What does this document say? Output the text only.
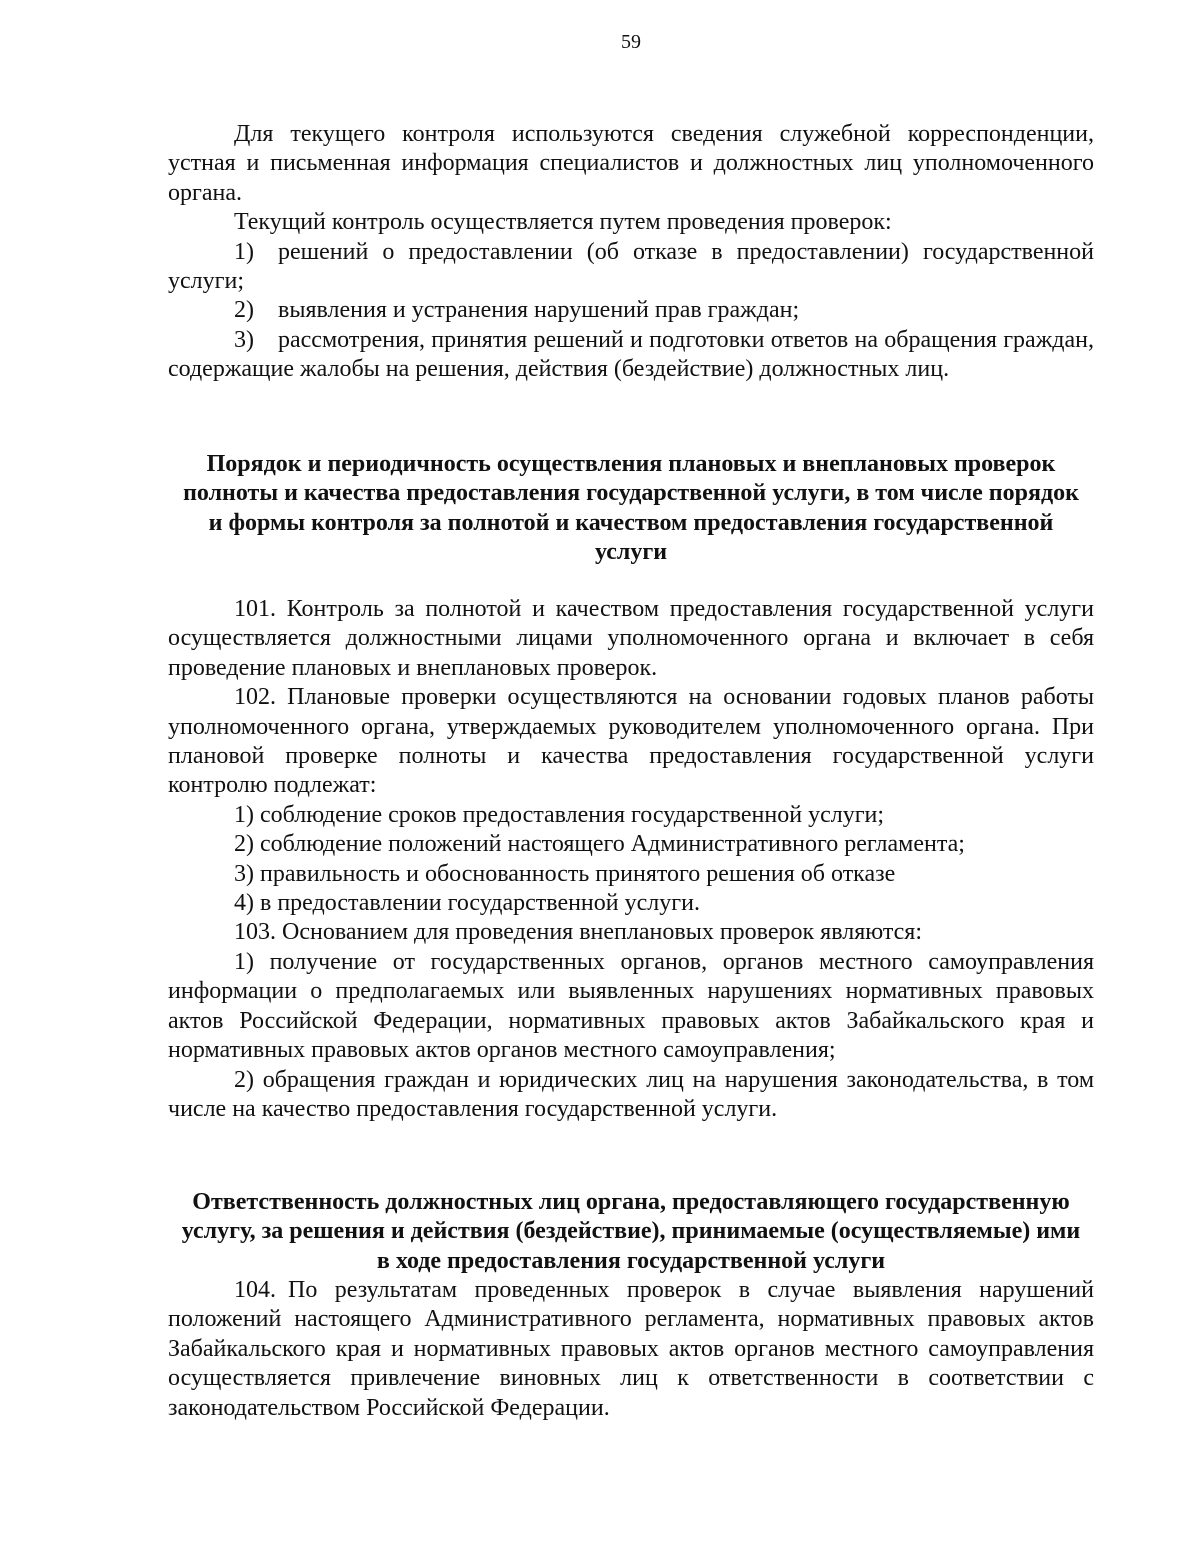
59

Для текущего контроля используются сведения служебной корреспонденции, устная и письменная информация специалистов и должностных лиц уполномоченного органа.

Текущий контроль осуществляется путем проведения проверок:

1) решений о предоставлении (об отказе в предоставлении) государственной услуги;

2) выявления и устранения нарушений прав граждан;

3) рассмотрения, принятия решений и подготовки ответов на обращения граждан, содержащие жалобы на решения, действия (бездействие) должностных лиц.

Порядок и периодичность осуществления плановых и внеплановых проверок полноты и качества предоставления государственной услуги, в том числе порядок и формы контроля за полнотой и качеством предоставления государственной услуги

101. Контроль за полнотой и качеством предоставления государственной услуги осуществляется должностными лицами уполномоченного органа и включает в себя проведение плановых и внеплановых проверок.

102. Плановые проверки осуществляются на основании годовых планов работы уполномоченного органа, утверждаемых руководителем уполномоченного органа. При плановой проверке полноты и качества предоставления государственной услуги контролю подлежат:

1) соблюдение сроков предоставления государственной услуги;

2) соблюдение положений настоящего Административного регламента;

3) правильность и обоснованность принятого решения об отказе

4) в предоставлении государственной услуги.

103. Основанием для проведения внеплановых проверок являются:

1) получение от государственных органов, органов местного самоуправления информации о предполагаемых или выявленных нарушениях нормативных правовых актов Российской Федерации, нормативных правовых актов Забайкальского края и нормативных правовых актов органов местного самоуправления;

2) обращения граждан и юридических лиц на нарушения законодательства, в том числе на качество предоставления государственной услуги.

Ответственность должностных лиц органа, предоставляющего государственную услугу, за решения и действия (бездействие), принимаемые (осуществляемые) ими в ходе предоставления государственной услуги

104. По результатам проведенных проверок в случае выявления нарушений положений настоящего Административного регламента, нормативных правовых актов Забайкальского края и нормативных правовых актов органов местного самоуправления осуществляется привлечение виновных лиц к ответственности в соответствии с законодательством Российской Федерации.
